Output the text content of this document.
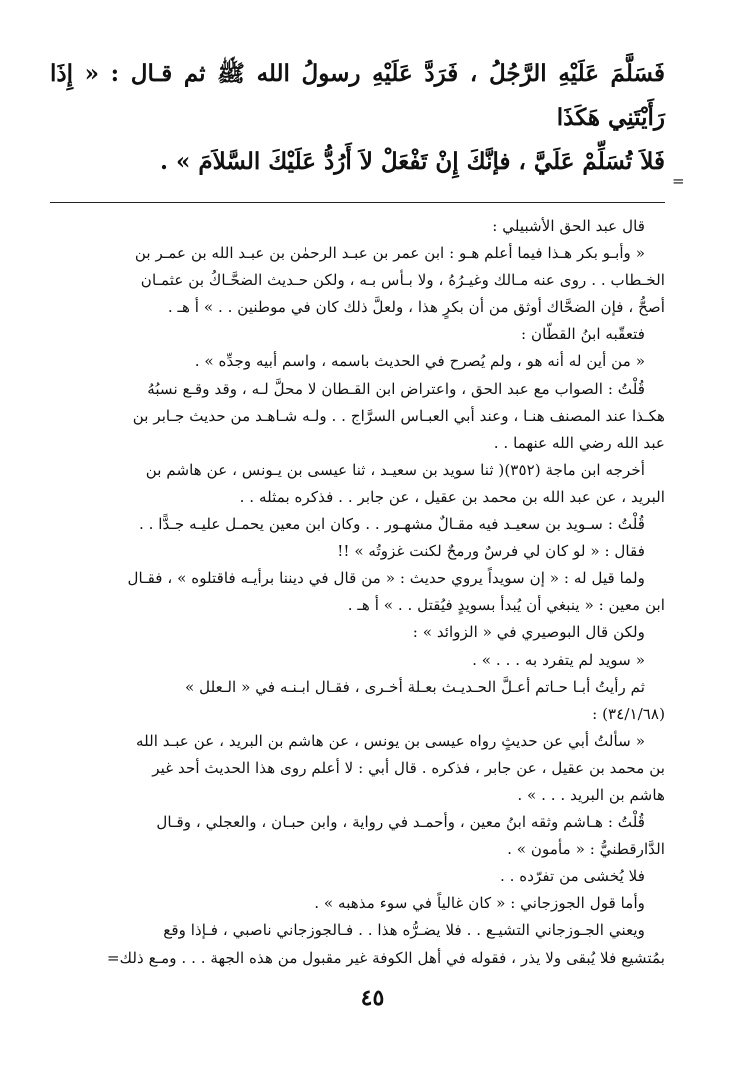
فَسَلَّمَ عَلَيْهِ الرَّجُلُ ، فَرَدَّ عَلَيْهِ رسولُ الله ﷺ ثم قـال : « إِذَا رَأَيْتَنِي هَكَذَا

فَلاَ تُسَلِّمْ عَلَيَّ ، فإنَّكَ إِنْ تَفْعَلْ لاَ أَرُدُّ عَلَيْكَ السَّلاَمَ » .

قال عبد الحق الأشبيلي :

« وأبـو بكر هـذا فيما أعلم هـو : ابن عمر بن عبـد الرحمٰن بن عبـد الله بن عمـر بن

الخـطاب . . روى عنه مـالك وغيـرُهُ ، ولا بـأس بـه ، ولكن حـديث الضحَّـاكُ بن عثمـان

أصحُّ ، فإن الضحَّاك أوثق من أن بكرٍ هذا ، ولعلَّ ذلك كان في موطنين . . » أ هـ .

فتعقّبه ابنُ القطّان :

« من أين له أنه هو ، ولم يُصرح في الحديث باسمه ، واسم أبيه وجدِّه » .

قُلْتُ : الصواب مع عبد الحق ، واعتراض ابن القـطان لا محلَّ لـه ، وقد وقـع نسبُهُ

هكـذا عند المصنف هنـا ، وعند أبي العبـاس السرَّاج . . ولـه شـاهـد من حديث جـابر بن

عبد الله رضي الله عنهما . .

أخرجه ابن ماجة (٣٥٢)( ثنا سويد بن سعيـد ، ثنا عيسى بن يـونس ، عن هاشم بن

البريد ، عن عبد الله بن محمد بن عقيل ، عن جابر . . فذكره بمثله . .

قُلْتُ : سـويد بن سعيـد فيه مقـالٌ مشهـور . . وكان ابن معين يحمـل عليـه جـدًّا . .

فقال : « لو كان لي فرسٌ ورمحٌ لكنت غزوتُه » !!

ولما قيل له : « إن سويداً يروي حديث : « من قال في ديننا برأيـه فاقتلوه » ، فقـال

ابن معين : « ينبغي أن يُبدأ بسويدٍ فيُقتل . . » أ هـ .

ولكن قال البوصيري في « الزوائد » :

« سويد لم يتفرد به . . . » .

ثم رأيتُ أبـا حـاتم أعـلَّ الحـديـث بعـلة أخـرى ، فقـال ابـنـه في « الـعلل »

(٣٤/١/٦٨) :

« سألتُ أبي عن حديثٍ رواه عيسى بن يونس ، عن هاشم بن البريد ، عن عبـد الله

بن محمد بن عقيل ، عن جابر ، فذكره . قال أبي : لا أعلم روى هذا الحديث أحد غير

هاشم بن البريد . . . » .

قُلْتُ : هـاشم وثقه ابنُ معين ، وأحمـد في رواية ، وابن حبـان ، والعجلي ، وقـال

الدَّارقطنيُّ : « مأمون » .

فلا يُخشى من تفرّده . .

وأما قول الجوزجاني : « كان غالياً في سوء مذهبه » .

ويعني الجـوزجاني التشيـع . . فلا يضـرُّه هذا . . فـالجوزجاني ناصبي ، فـإذا وقع

بمُتشيع فلا يُبقى ولا يذر ، فقوله في أهل الكوفة غير مقبول من هذه الجهة . . . ومـع ذلك=

=
٤٥
